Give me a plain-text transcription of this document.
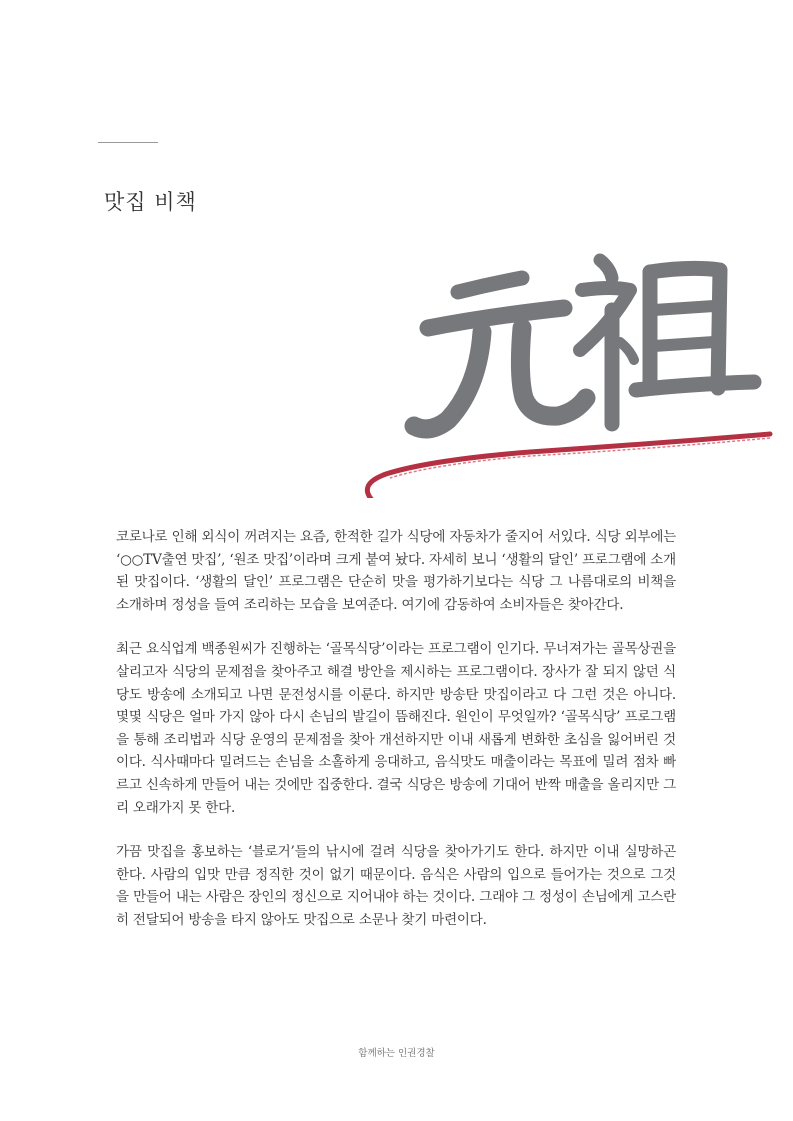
맛집 비책

코로나로 인해 외식이 꺼려지는 요즘, 한적한 길가 식당에 자동차가 줄지어 서있다. 식당 외부에는 ‘○○TV출연 맛집’, ‘원조 맛집’이라며 크게 붙여 놨다. 자세히 보니 ‘생활의 달인’ 프로그램에 소개된 맛집이다. ‘생활의 달인’ 프로그램은 단순히 맛을 평가하기보다는 식당 그 나름대로의 비책을 소개하며 정성을 들여 조리하는 모습을 보여준다. 여기에 감동하여 소비자들은 찾아간다.

최근 요식업계 백종원씨가 진행하는 ‘골목식당’이라는 프로그램이 인기다. 무너져가는 골목상권을 살리고자 식당의 문제점을 찾아주고 해결 방안을 제시하는 프로그램이다. 장사가 잘 되지 않던 식당도 방송에 소개되고 나면 문전성시를 이룬다. 하지만 방송탄 맛집이라고 다 그런 것은 아니다. 몇몇 식당은 얼마 가지 않아 다시 손님의 발길이 뜸해진다. 원인이 무엇일까? ‘골목식당’ 프로그램을 통해 조리법과 식당 운영의 문제점을 찾아 개선하지만 이내 새롭게 변화한 초심을 잃어버린 것이다. 식사때마다 밀려드는 손님을 소홀하게 응대하고, 음식맛도 매출이라는 목표에 밀려 점차 빠르고 신속하게 만들어 내는 것에만 집중한다. 결국 식당은 방송에 기대어 반짝 매출을 올리지만 그리 오래가지 못 한다.

가끔 맛집을 홍보하는 ‘블로거’들의 낚시에 걸려 식당을 찾아가기도 한다. 하지만 이내 실망하곤 한다. 사람의 입맛 만큼 정직한 것이 없기 때문이다. 음식은 사람의 입으로 들어가는 것으로 그것을 만들어 내는 사람은 장인의 정신으로 지어내야 하는 것이다. 그래야 그 정성이 손님에게 고스란히 전달되어 방송을 타지 않아도 맛집으로 소문나 찾기 마련이다.

함께하는 인권경찰
